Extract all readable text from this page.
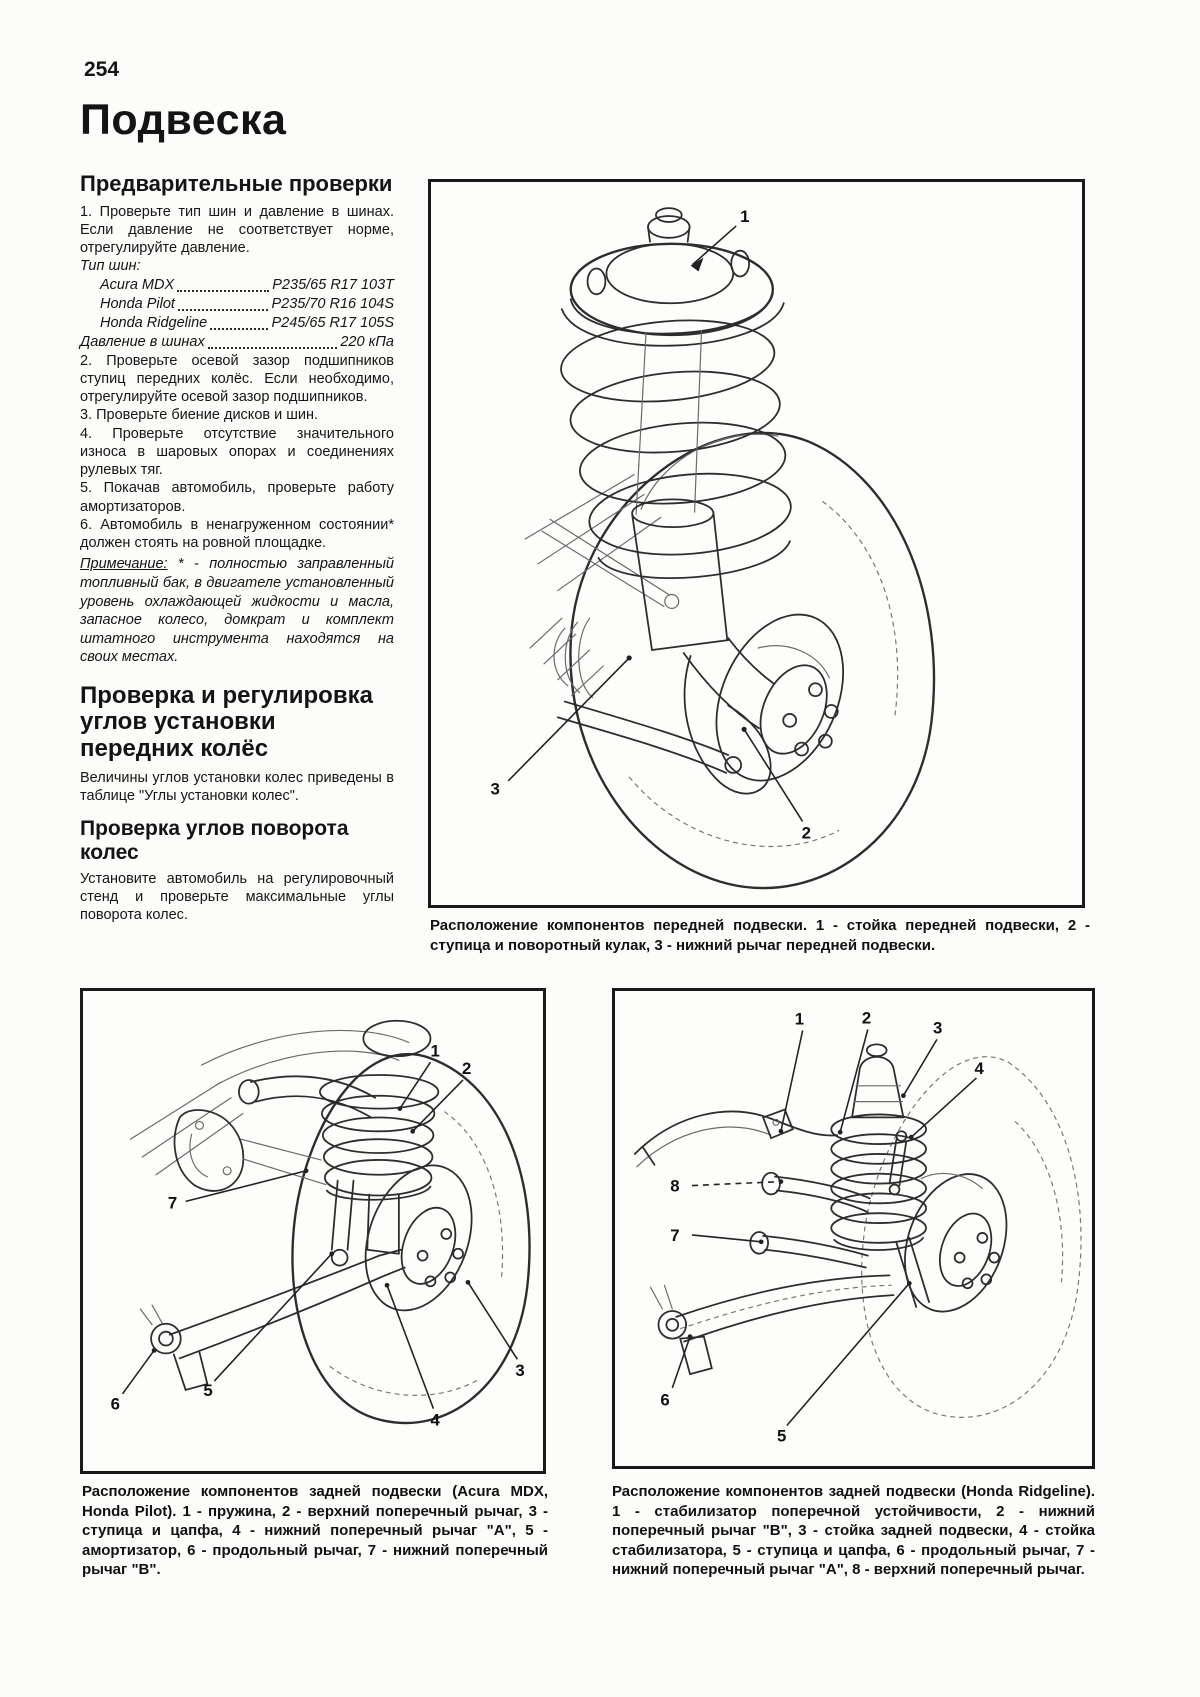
254
Подвеска
Предварительные проверки

1. Проверьте тип шин и давление в шинах. Если давление не соответствует норме, отрегулируйте давление.

Тип шин:
Acura MDX	P235/65 R17 103T
Honda Pilot	P235/70 R16 104S
Honda Ridgeline	P245/65 R17 105S
Давление в шинах	220 кПа

2. Проверьте осевой зазор подшипников ступиц передних колёс. Если необходимо, отрегулируйте осевой зазор подшипников.

3. Проверьте биение дисков и шин.

4. Проверьте отсутствие значительного износа в шаровых опорах и соединениях рулевых тяг.

5. Покачав автомобиль, проверьте работу амортизаторов.

6. Автомобиль в ненагруженном состоянии* должен стоять на ровной площадке.

Примечание: * - полностью заправленный топливный бак, в двигателе установленный уровень охлаждающей жидкости и масла, запасное колесо, домкрат и комплект штатного инструмента находятся на своих местах.

Проверка и регулировка углов установки передних колёс

Величины углов установки колес приведены в таблице "Углы установки колес".

Проверка углов поворота колес

Установите автомобиль на регулировочный стенд и проверьте максимальные углы поворота колес.

1
3
2

Расположение компонентов передней подвески. 1 - стойка передней подвески, 2 - ступица и поворотный кулак, 3 - нижний рычаг передней подвески.

1
2
7
6
5
4
3

Расположение компонентов задней подвески (Acura MDX, Honda Pilot). 1 - пружина, 2 - верхний поперечный рычаг, 3 - ступица и цапфа, 4 - нижний поперечный рычаг "А", 5 - амортизатор, 6 - продольный рычаг, 7 - нижний поперечный рычаг "В".

1	2
3
4
8
7
6
5

Расположение компонентов задней подвески (Honda Ridgeline). 1 - стабилизатор поперечной устойчивости, 2 - нижний поперечный рычаг "В", 3 - стойка задней подвески, 4 - стойка стабилизатора, 5 - ступица и цапфа, 6 - продольный рычаг, 7 - нижний поперечный рычаг "А", 8 - верхний поперечный рычаг.
